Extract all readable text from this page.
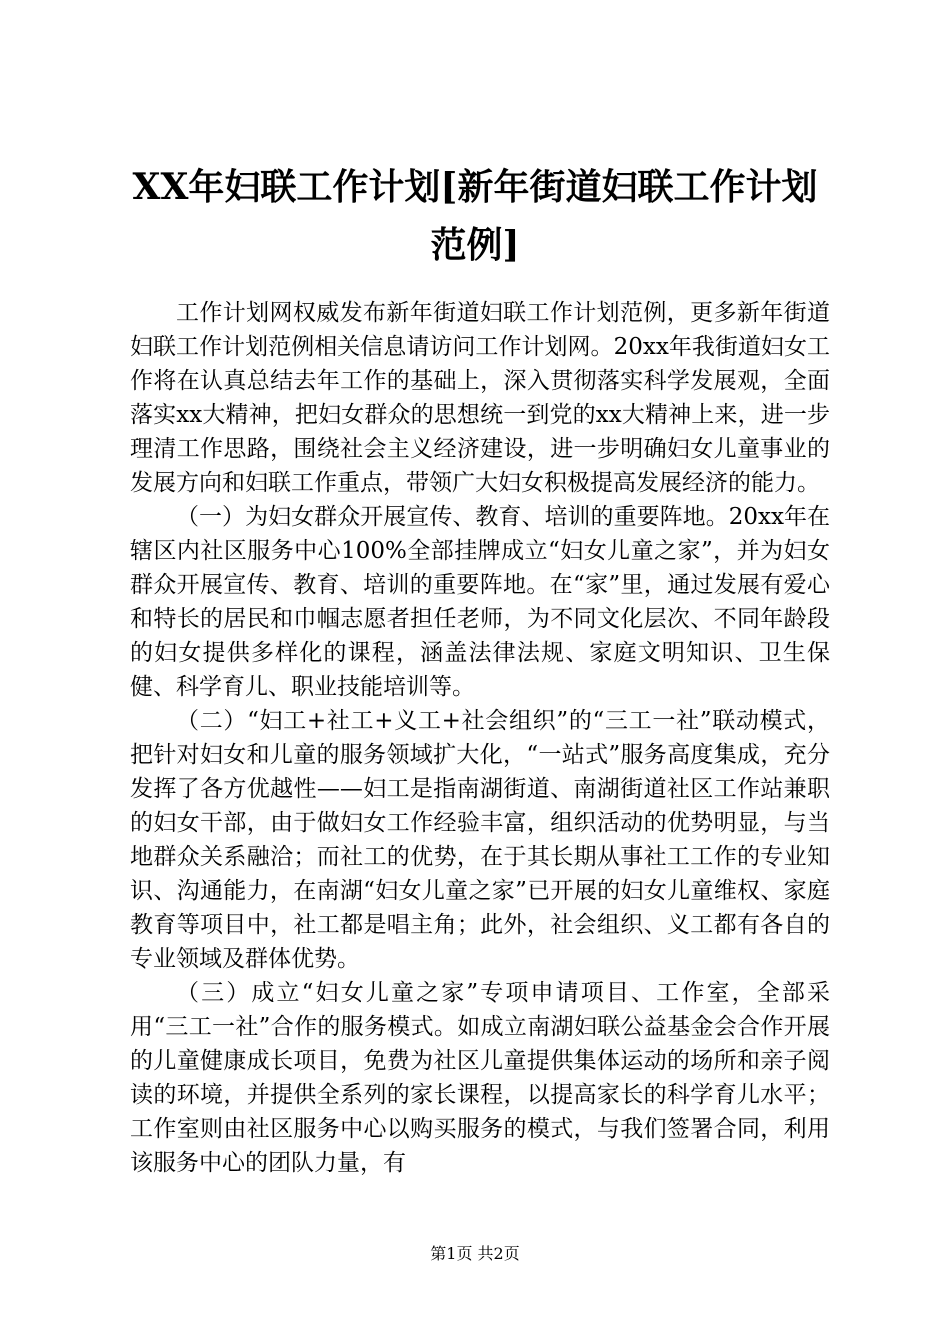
XX年妇联工作计划[新年街道妇联工作计划范例]

工作计划网权威发布新年街道妇联工作计划范例，更多新年街道妇联工作计划范例相关信息请访问工作计划网。20xx年我街道妇女工作将在认真总结去年工作的基础上，深入贯彻落实科学发展观，全面落实xx大精神，把妇女群众的思想统一到党的xx大精神上来，进一步理清工作思路，围绕社会主义经济建设，进一步明确妇女儿童事业的发展方向和妇联工作重点，带领广大妇女积极提高发展经济的能力。

（一）为妇女群众开展宣传、教育、培训的重要阵地。20xx年在辖区内社区服务中心100%全部挂牌成立“妇女儿童之家”，并为妇女群众开展宣传、教育、培训的重要阵地。在“家”里，通过发展有爱心和特长的居民和巾帼志愿者担任老师，为不同文化层次、不同年龄段的妇女提供多样化的课程，涵盖法律法规、家庭文明知识、卫生保健、科学育儿、职业技能培训等。

（二）“妇工+社工+义工+社会组织”的“三工一社”联动模式，把针对妇女和儿童的服务领域扩大化，“一站式”服务高度集成，充分发挥了各方优越性——妇工是指南湖街道、南湖街道社区工作站兼职的妇女干部，由于做妇女工作经验丰富，组织活动的优势明显，与当地群众关系融洽；而社工的优势，在于其长期从事社工工作的专业知识、沟通能力，在南湖“妇女儿童之家”已开展的妇女儿童维权、家庭教育等项目中，社工都是唱主角；此外，社会组织、义工都有各自的专业领域及群体优势。

（三）成立“妇女儿童之家”专项申请项目、工作室，全部采用“三工一社”合作的服务模式。如成立南湖妇联公益基金会合作开展的儿童健康成长项目，免费为社区儿童提供集体运动的场所和亲子阅读的环境，并提供全系列的家长课程，以提高家长的科学育儿水平；工作室则由社区服务中心以购买服务的模式，与我们签署合同，利用该服务中心的团队力量，有

第1页 共2页
